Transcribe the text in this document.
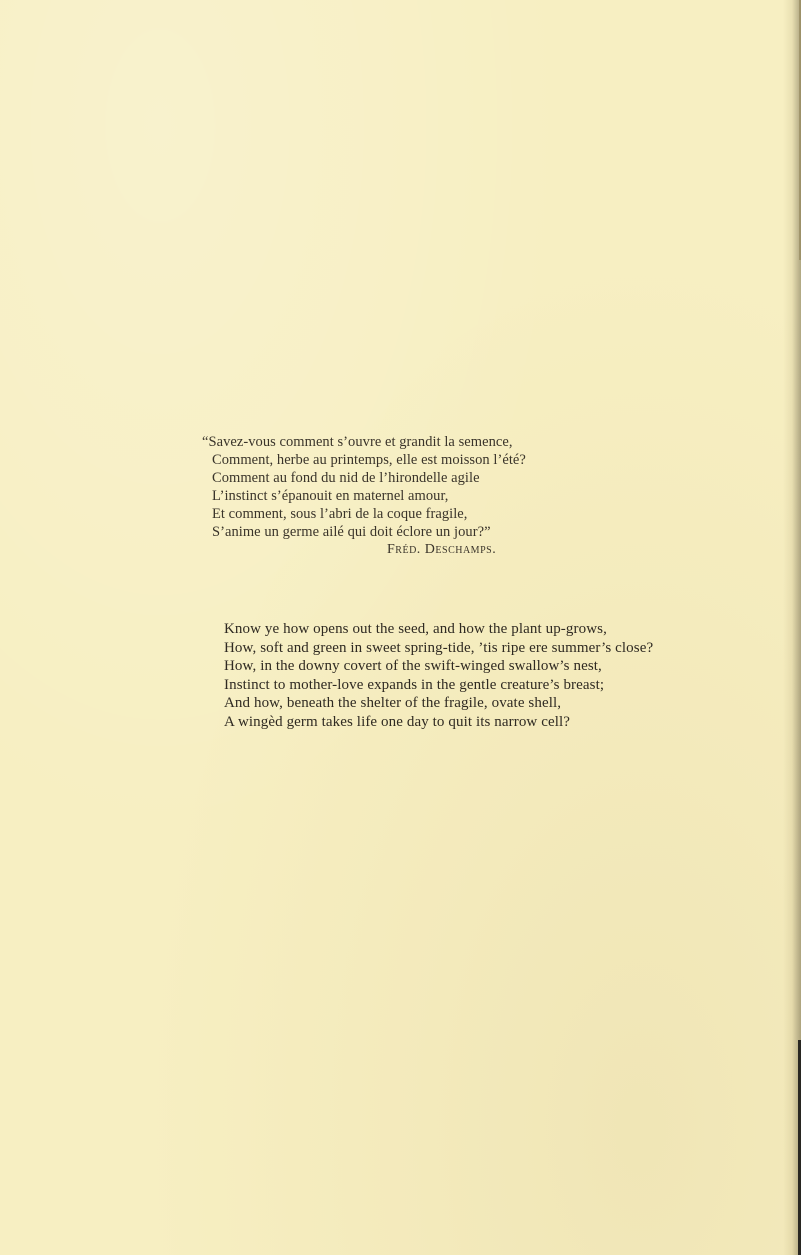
“Savez-vous comment s’ouvre et grandit la semence,
Comment, herbe au printemps, elle est moisson l’été?
Comment au fond du nid de l’hirondelle agile
L’instinct s’épanouit en maternel amour,
Et comment, sous l’abri de la coque fragile,
S’anime un germe ailé qui doit éclore un jour?”
Fréd. Deschamps.
Know ye how opens out the seed, and how the plant up-grows,
How, soft and green in sweet spring-tide, ’tis ripe ere summer’s close?
How, in the downy covert of the swift-winged swallow’s nest,
Instinct to mother-love expands in the gentle creature’s breast;
And how, beneath the shelter of the fragile, ovate shell,
A wingèd germ takes life one day to quit its narrow cell?
